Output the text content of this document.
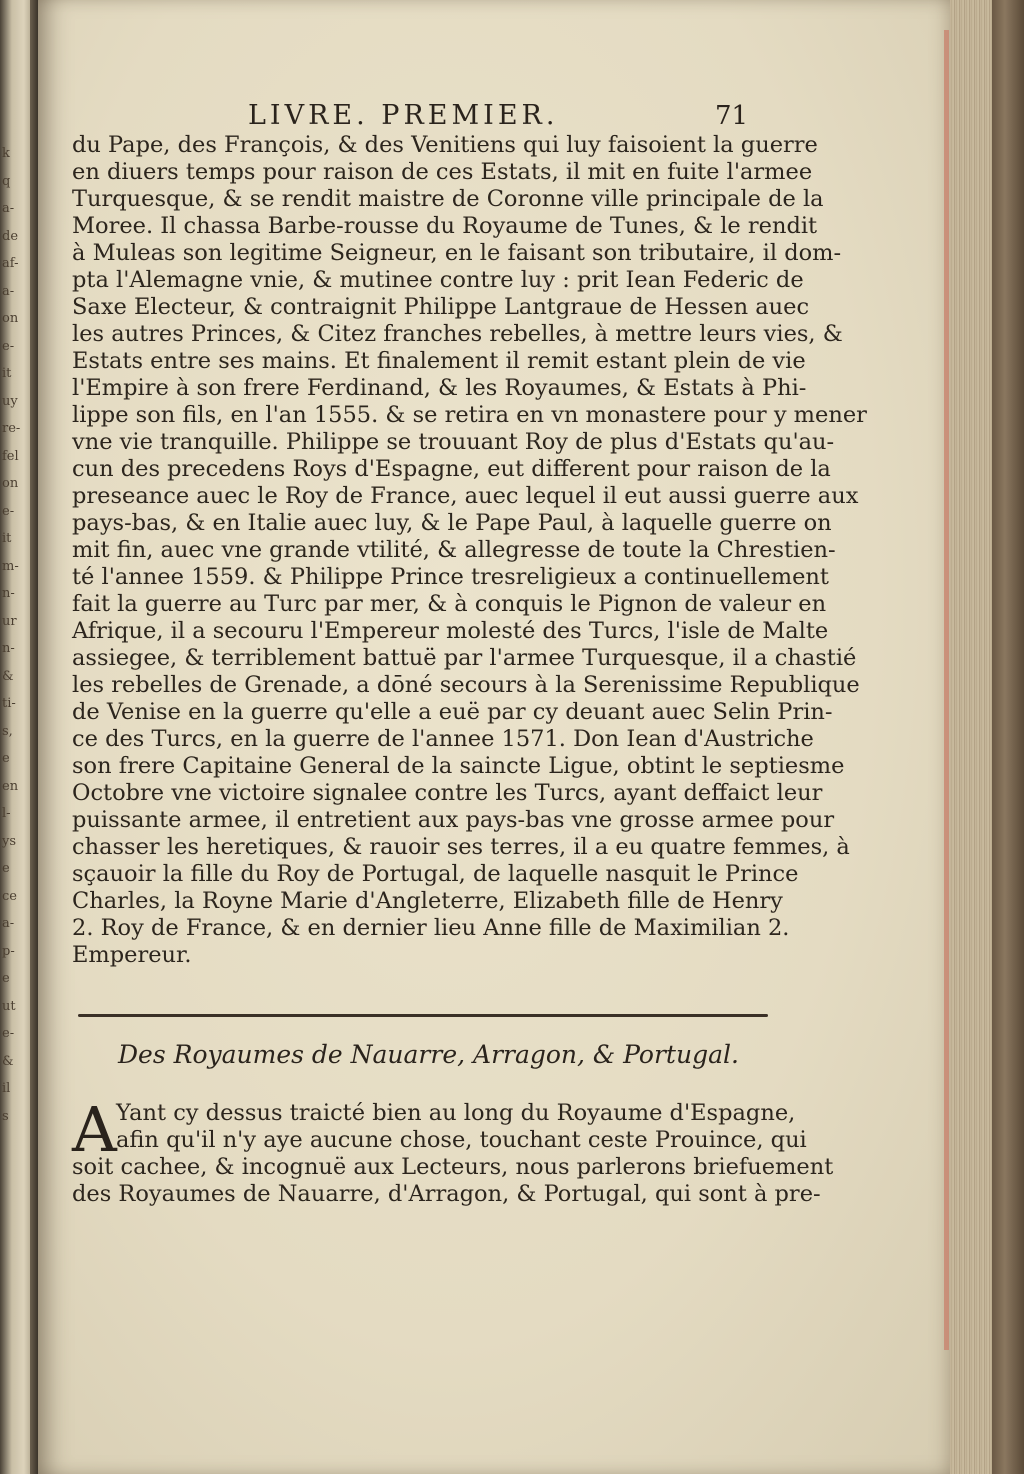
k
q
a-
de
af-
a-
on
e-
it
uy
re-
fel
on
e-
it
m-
n-
ur
n-
&
ti-
s,
e
en
l-
ys
e
ce
a-
p-
e
ut
e-
&
il
s
LIVRE. PREMIER.	71
du Pape, des François, & des Venitiens qui luy faisoient la guerre
en diuers temps pour raison de ces Estats, il mit en fuite l'armee
Turquesque, & se rendit maistre de Coronne ville principale de la
Moree. Il chassa Barbe-rousse du Royaume de Tunes, & le rendit
à Muleas son legitime Seigneur, en le faisant son tributaire, il dom-
pta l'Alemagne vnie, & mutinee contre luy : prit Iean Federic de
Saxe Electeur, & contraignit Philippe Lantgraue de Hessen auec
les autres Princes, & Citez franches rebelles, à mettre leurs vies, &
Estats entre ses mains. Et finalement il remit estant plein de vie
l'Empire à son frere Ferdinand, & les Royaumes, & Estats à Phi-
lippe son fils, en l'an 1555. & se retira en vn monastere pour y mener
vne vie tranquille. Philippe se trouuant Roy de plus d'Estats qu'au-
cun des precedens Roys d'Espagne, eut different pour raison de la
preseance auec le Roy de France, auec lequel il eut aussi guerre aux
pays-bas, & en Italie auec luy, & le Pape Paul, à laquelle guerre on
mit fin, auec vne grande vtilité, & allegresse de toute la Chrestien-
té l'annee 1559. & Philippe Prince tresreligieux a continuellement
fait la guerre au Turc par mer, & à conquis le Pignon de valeur en
Afrique, il a secouru l'Empereur molesté des Turcs, l'isle de Malte
assiegee, & terriblement battuë par l'armee Turquesque, il a chastié
les rebelles de Grenade, a dōné secours à la Serenissime Republique
de Venise en la guerre qu'elle a euë par cy deuant auec Selin Prin-
ce des Turcs, en la guerre de l'annee 1571. Don Iean d'Austriche
son frere Capitaine General de la saincte Ligue, obtint le septiesme
Octobre vne victoire signalee contre les Turcs, ayant deffaict leur
puissante armee, il entretient aux pays-bas vne grosse armee pour
chasser les heretiques, & rauoir ses terres, il a eu quatre femmes, à
sçauoir la fille du Roy de Portugal, de laquelle nasquit le Prince
Charles, la Royne Marie d'Angleterre, Elizabeth fille de Henry
2. Roy de France, & en dernier lieu Anne fille de Maximilian 2.
Empereur.
Des Royaumes de Nauarre, Arragon, & Portugal.
A Yant cy dessus traicté bien au long du Royaume d'Espagne,
afin qu'il n'y aye aucune chose, touchant ceste Prouince, qui
soit cachee, & incognuë aux Lecteurs, nous parlerons briefuement
des Royaumes de Nauarre, d'Arragon, & Portugal, qui sont à pre-
